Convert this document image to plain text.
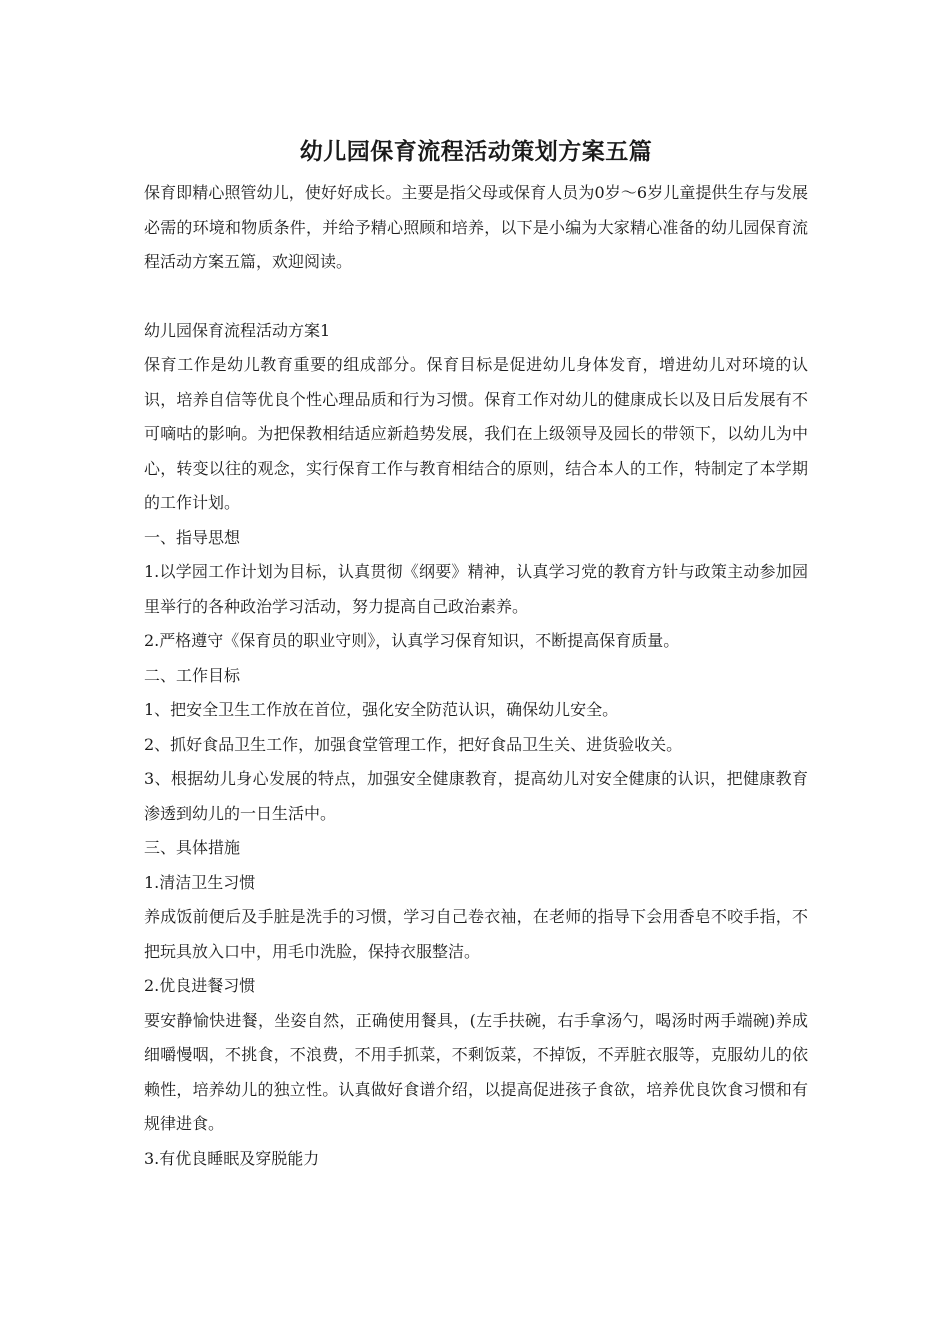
幼儿园保育流程活动策划方案五篇

保育即精心照管幼儿，使好好成长。主要是指父母或保育人员为0岁～6岁儿童提供生存与发展必需的环境和物质条件，并给予精心照顾和培养，以下是小编为大家精心准备的幼儿园保育流程活动方案五篇，欢迎阅读。

幼儿园保育流程活动方案1

保育工作是幼儿教育重要的组成部分。保育目标是促进幼儿身体发育，增进幼儿对环境的认识，培养自信等优良个性心理品质和行为习惯。保育工作对幼儿的健康成长以及日后发展有不可嘀咕的影响。为把保教相结适应新趋势发展，我们在上级领导及园长的带领下，以幼儿为中心，转变以往的观念，实行保育工作与教育相结合的原则，结合本人的工作，特制定了本学期的工作计划。

一、指导思想

1.以学园工作计划为目标，认真贯彻《纲要》精神，认真学习党的教育方针与政策主动参加园里举行的各种政治学习活动，努力提高自己政治素养。

2.严格遵守《保育员的职业守则》，认真学习保育知识，不断提高保育质量。

二、工作目标

1、把安全卫生工作放在首位，强化安全防范认识，确保幼儿安全。

2、抓好食品卫生工作，加强食堂管理工作，把好食品卫生关、进货验收关。

3、根据幼儿身心发展的特点，加强安全健康教育，提高幼儿对安全健康的认识，把健康教育渗透到幼儿的一日生活中。

三、具体措施

1.清洁卫生习惯

养成饭前便后及手脏是洗手的习惯，学习自己卷衣袖，在老师的指导下会用香皂不咬手指，不把玩具放入口中，用毛巾洗脸，保持衣服整洁。

2.优良进餐习惯

要安静愉快进餐，坐姿自然，正确使用餐具，(左手扶碗，右手拿汤勺，喝汤时两手端碗)养成细嚼慢咽，不挑食，不浪费，不用手抓菜，不剩饭菜，不掉饭，不弄脏衣服等，克服幼儿的依赖性，培养幼儿的独立性。认真做好食谱介绍，以提高促进孩子食欲，培养优良饮食习惯和有规律进食。

3.有优良睡眠及穿脱能力
